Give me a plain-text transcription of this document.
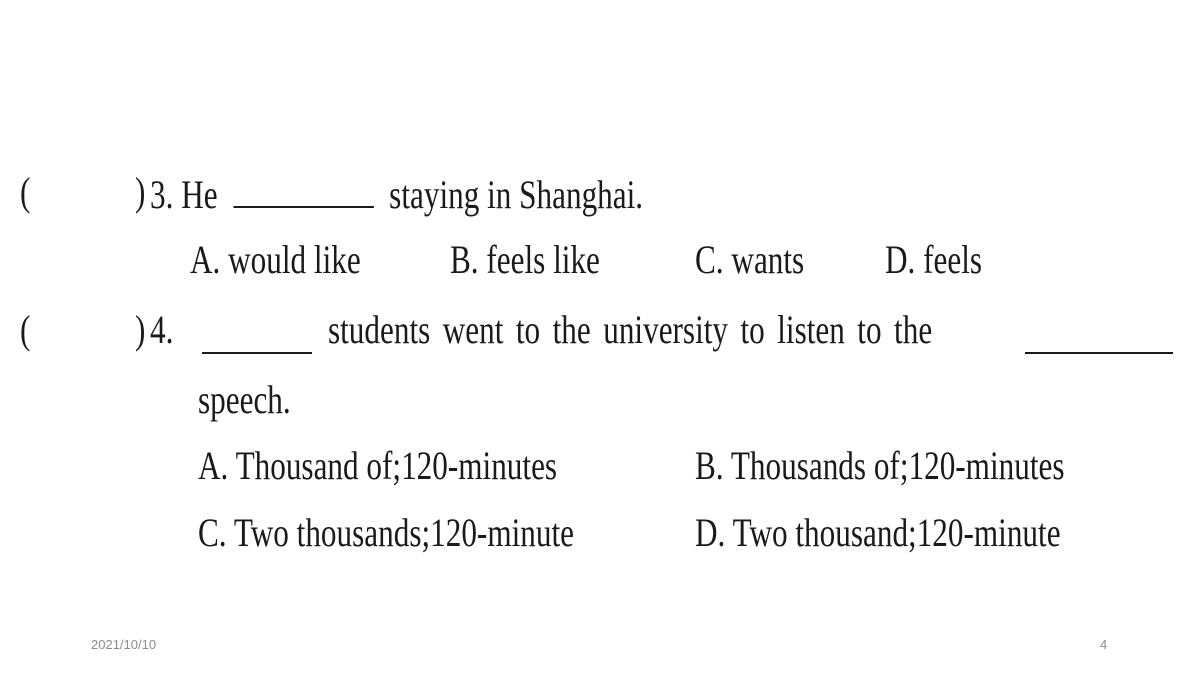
(	) 3. He	staying in Shanghai.
A. would like B. feels like C. wants D. feels
(	) 4.	students went to the university to listen to the
speech.
A. Thousand of;120-minutes	B. Thousands of;120-minutes
C. Two thousands;120-minute	D. Two thousand;120-minute
2021/10/10	4
